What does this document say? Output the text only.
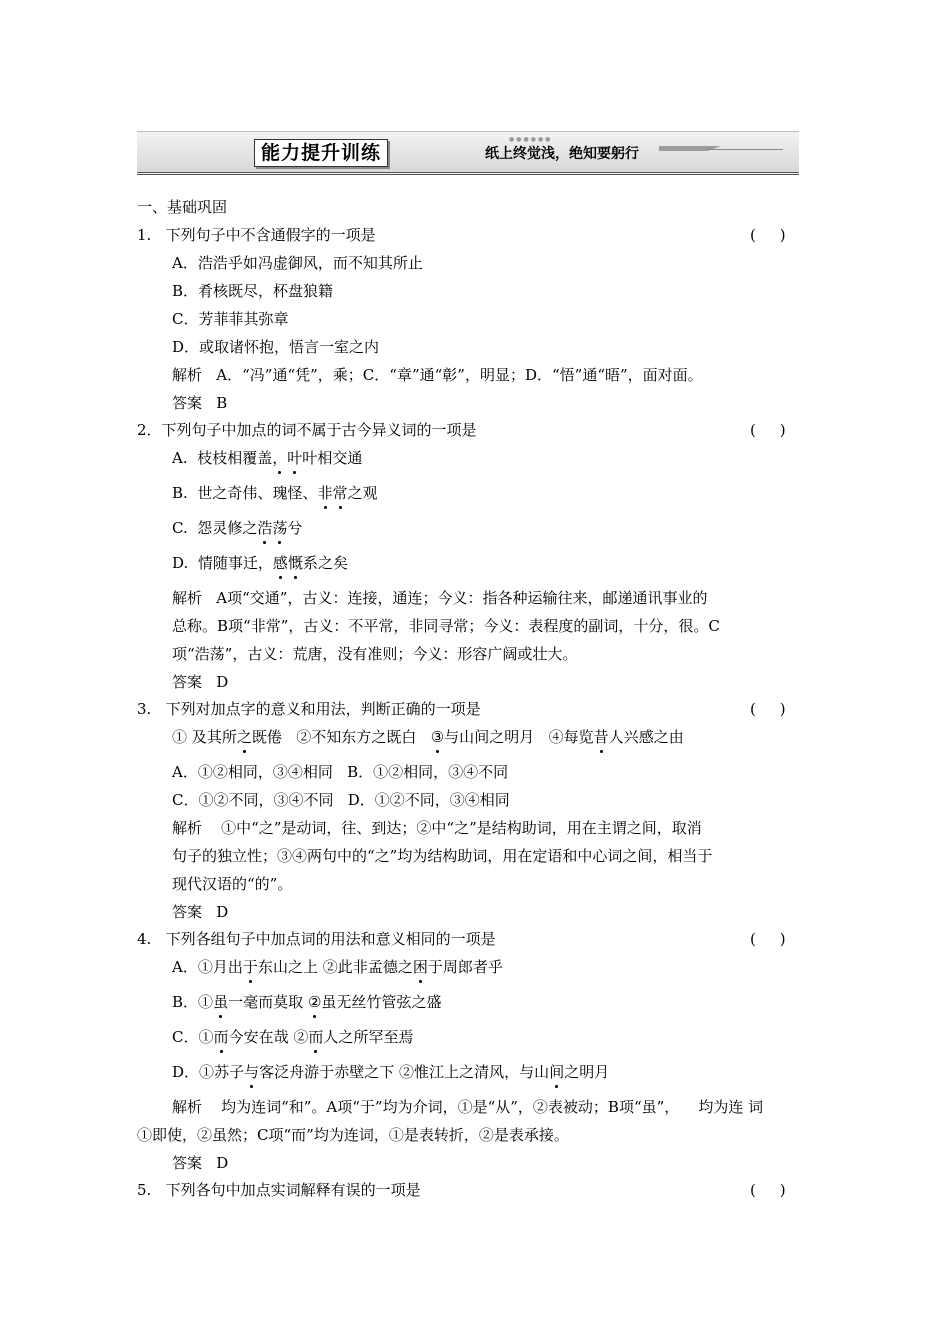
能力提升训练
●●●●●●
纸上终觉浅，绝知要躬行
一、基础巩固
1.   下列句子中不含通假字的一项是	(     )
A．浩浩乎如冯虚御风，而不知其所止
B．肴核既尽，杯盘狼籍
C．芳菲菲其弥章
D．或取诸怀抱，悟言一室之内
解析   A．“冯”通“凭”，乘；C．“章”通“彰”，明显；D．“悟”通“晤”，面对面。
答案   B
2．下列句子中加点的词不属于古今异义词的一项是	(     )
A. 枝枝相覆盖，叶叶相交通
B. 世之奇伟、瑰怪、非常之观
C. 怨灵修之浩荡兮
D. 情随事迁，感慨系之矣
解析   A项“交通”，古义：连接，通连；今义：指各种运输往来，邮递通讯事业的
总称。B项“非常”，古义：不平常，非同寻常；今义：表程度的副词，十分，很。C
项“浩荡”，古义：荒唐，没有准则；今义：形容广阔或壮大。
答案   D
3.   下列对加点字的意义和用法，判断正确的一项是	(     )
① 及其所之既倦 ②不知东方之既白 ③与山间之明月 ④每览昔人兴感之由
A．①②相同，③④相同   B．①②相同，③④不同
C．①②不同，③④不同   D．①②不同，③④相同
解析    ①中“之”是动词，往、到达；②中“之”是结构助词，用在主谓之间，取消
句子的独立性；③④两句中的“之”均为结构助词，用在定语和中心词之间，相当于
现代汉语的“的”。
答案   D
4.   下列各组句子中加点词的用法和意义相同的一项是	(     )
A．①月出于东山之上 ②此非孟德之困于周郎者乎
B．①虽一毫而莫取 ②虽无丝竹管弦之盛
C．①而今安在哉 ②而人之所罕至焉
D．①苏子与客泛舟游于赤壁之下 ②惟江上之清风，与山间之明月
解析    均为连词“和”。A项“于”均为介词，①是“从”，②表被动；B项“虽”，    均为连 词
①即使，②虽然；C项“而”均为连词，①是表转折，②是表承接。
答案   D
5.   下列各句中加点实词解释有误的一项是	(     )
